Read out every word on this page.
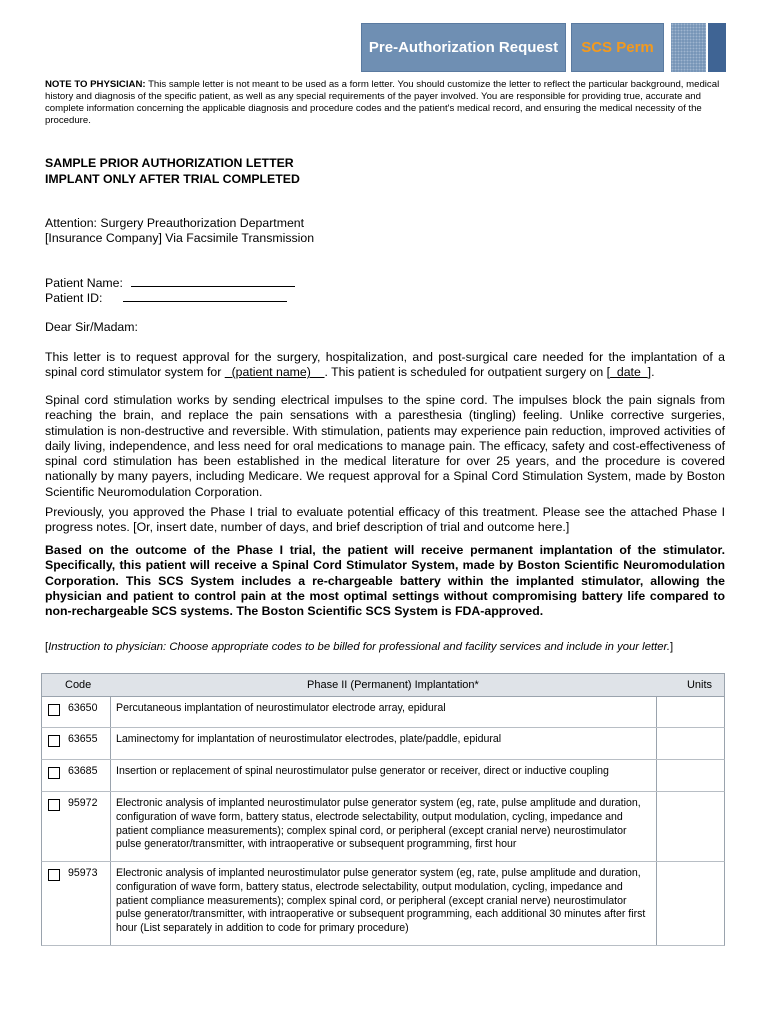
Pre-Authorization Request	SCS Perm
NOTE TO PHYSICIAN: This sample letter is not meant to be used as a form letter. You should customize the letter to reflect the particular background, medical history and diagnosis of the specific patient, as well as any special requirements of the payer involved. You are responsible for providing true, accurate and complete information concerning the applicable diagnosis and procedure codes and the patient's medical record, and ensuring the medical necessity of the procedure.
SAMPLE PRIOR AUTHORIZATION LETTER
IMPLANT ONLY AFTER TRIAL COMPLETED
Attention: Surgery Preauthorization Department
[Insurance Company] Via Facsimile Transmission
Patient Name:
Patient ID:
Dear Sir/Madam:
This letter is to request approval for the surgery, hospitalization, and post-surgical care needed for the implantation of a spinal cord stimulator system for   (patient name)    . This patient is scheduled for outpatient surgery on [  date  ].
Spinal cord stimulation works by sending electrical impulses to the spine cord. The impulses block the pain signals from reaching the brain, and replace the pain sensations with a paresthesia (tingling) feeling. Unlike corrective surgeries, stimulation is non-destructive and reversible. With stimulation, patients may experience pain reduction, improved activities of daily living, independence, and less need for oral medications to manage pain. The efficacy, safety and cost-effectiveness of spinal cord stimulation has been established in the medical literature for over 25 years, and the procedure is covered nationally by many payers, including Medicare. We request approval for a Spinal Cord Stimulation System, made by Boston Scientific Neuromodulation Corporation.
Previously, you approved the Phase I trial to evaluate potential efficacy of this treatment. Please see the attached Phase I progress notes. [Or, insert date, number of days, and brief description of trial and outcome here.]
Based on the outcome of the Phase I trial, the patient will receive permanent implantation of the stimulator. Specifically, this patient will receive a Spinal Cord Stimulator System, made by Boston Scientific Neuromodulation Corporation. This SCS System includes a re-chargeable battery within the implanted stimulator, allowing the physician and patient to control pain at the most optimal settings without compromising battery life compared to non-rechargeable SCS systems. The Boston Scientific SCS System is FDA-approved.
[Instruction to physician: Choose appropriate codes to be billed for professional and facility services and include in your letter.]
Code	Phase II (Permanent) Implantation*	Units
63650 Percutaneous implantation of neurostimulator electrode array, epidural
63655 Laminectomy for implantation of neurostimulator electrodes, plate/paddle, epidural
63685 Insertion or replacement of spinal neurostimulator pulse generator or receiver, direct or inductive coupling
95972 Electronic analysis of implanted neurostimulator pulse generator system (eg, rate, pulse amplitude and duration, configuration of wave form, battery status, electrode selectability, output modulation, cycling, impedance and patient compliance measurements); complex spinal cord, or peripheral (except cranial nerve) neurostimulator pulse generator/transmitter, with intraoperative or subsequent programming, first hour
95973 Electronic analysis of implanted neurostimulator pulse generator system (eg, rate, pulse amplitude and duration, configuration of wave form, battery status, electrode selectability, output modulation, cycling, impedance and patient compliance measurements); complex spinal cord, or peripheral (except cranial nerve) neurostimulator pulse generator/transmitter, with intraoperative or subsequent programming, each additional 30 minutes after first hour (List separately in addition to code for primary procedure)
